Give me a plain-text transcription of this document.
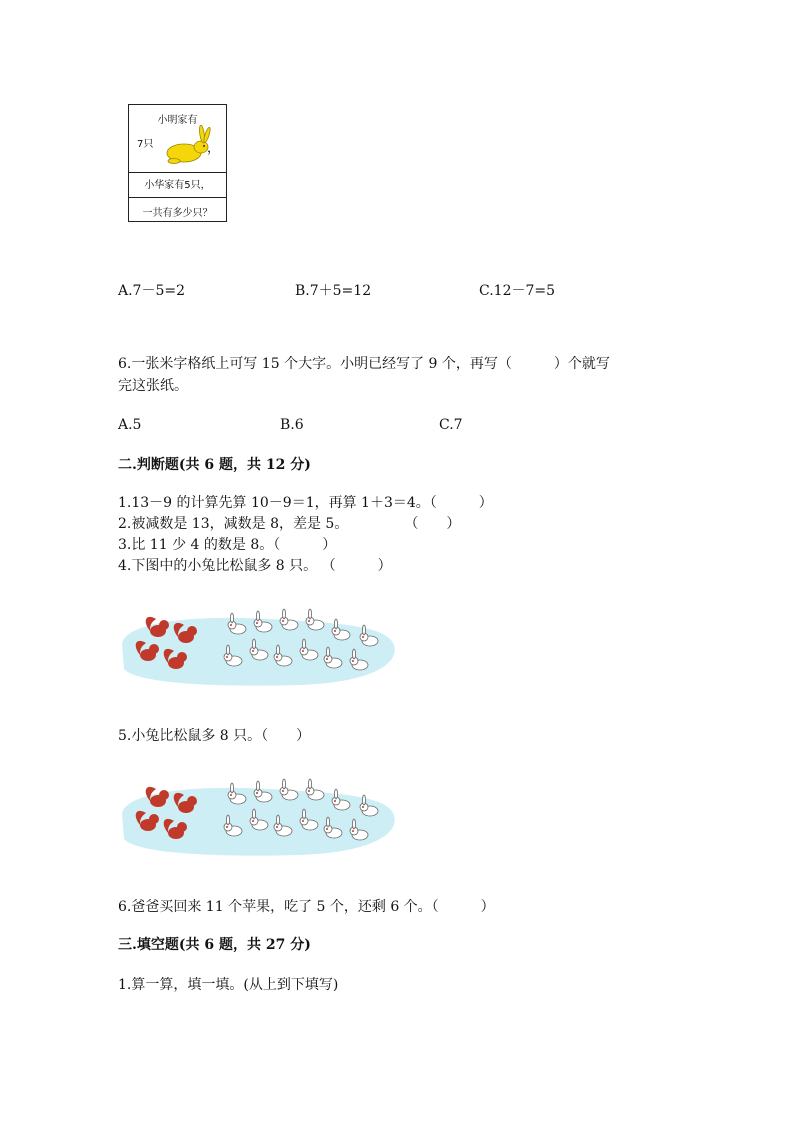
小明家有
7只	，
小华家有5只，
一共有多少只？
A.7－5=2	B.7＋5=12	C.12－7=5
6.一张米字格纸上可写 15 个大字。小明已经写了 9 个，再写（　　　）个就写
完这张纸。
A.5	B.6	C.7
二.判断题(共 6 题，共 12 分)
1.13－9 的计算先算 10－9＝1，再算 1＋3＝4。（　　　）
2.被减数是 13，减数是 8，差是 5。　　　　　（　　）
3.比 11 少 4 的数是 8。（　　　）
4.下图中的小兔比松鼠多 8 只。 （　　　）
5.小兔比松鼠多 8 只。（　　）
6.爸爸买回来 11 个苹果，吃了 5 个，还剩 6 个。（　　　）
三.填空题(共 6 题，共 27 分)
1.算一算，填一填。(从上到下填写)
